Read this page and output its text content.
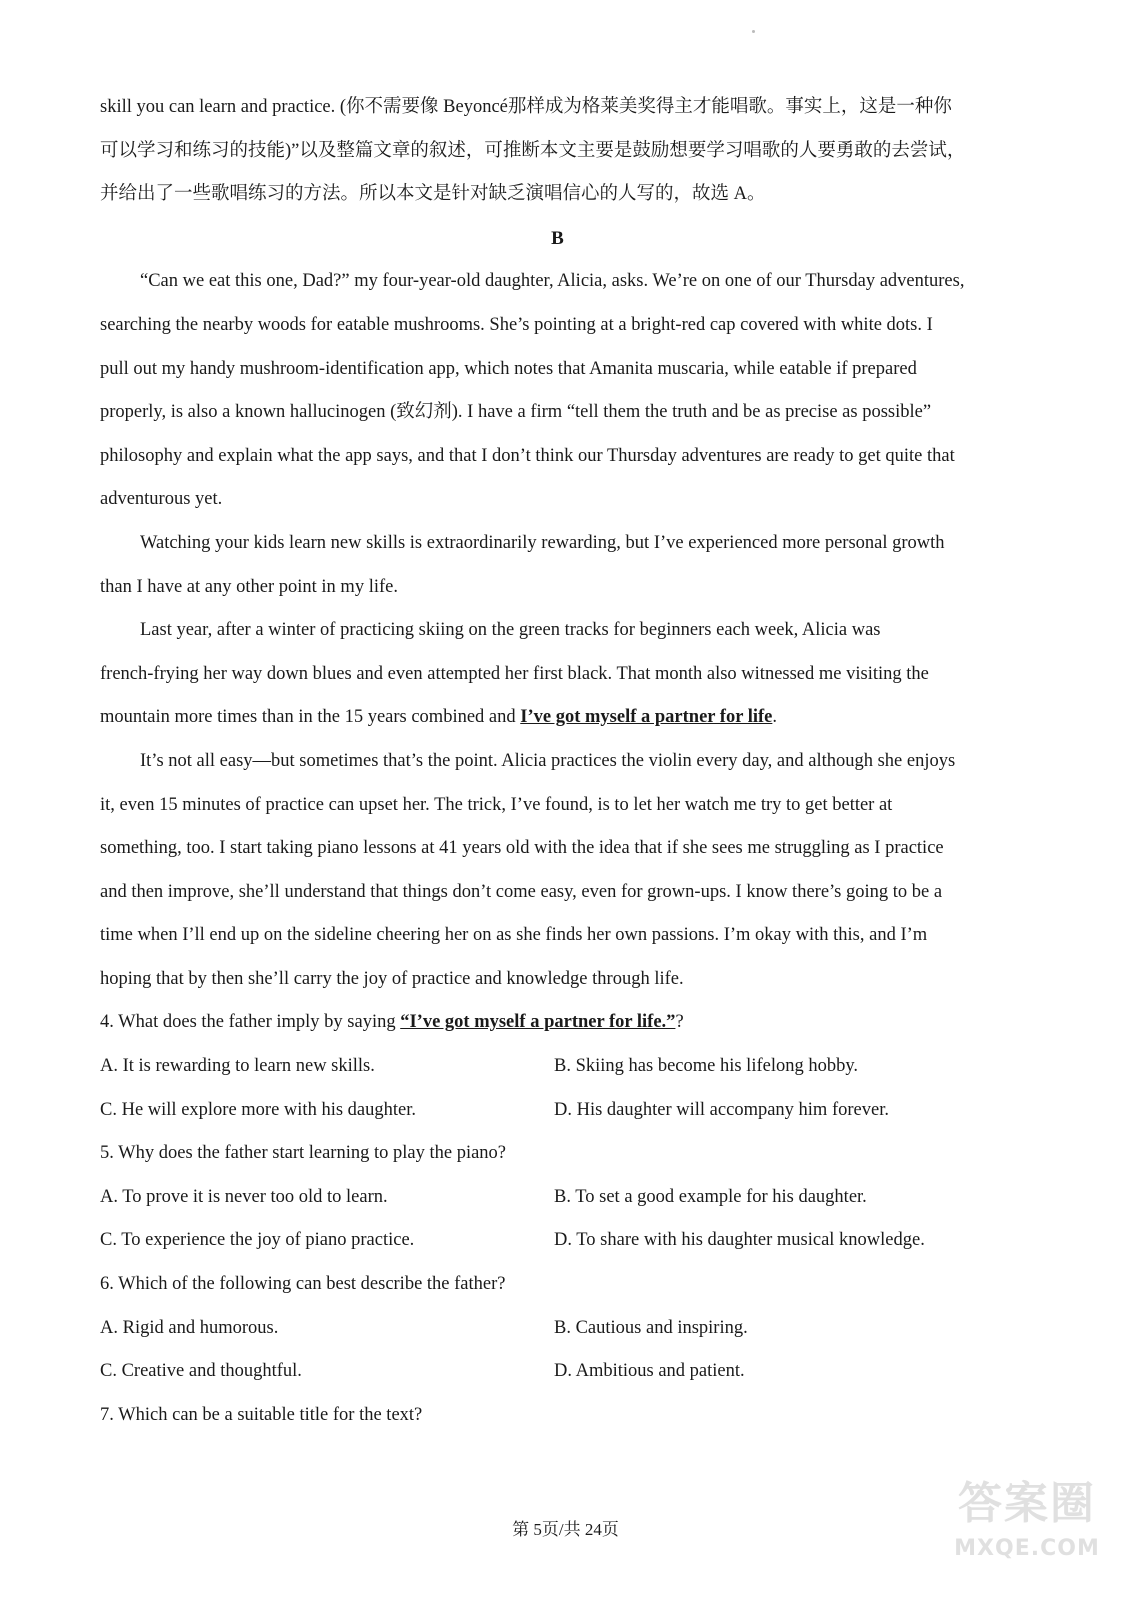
skill you can learn and practice. (你不需要像 Beyoncé那样成为格莱美奖得主才能唱歌。事实上，这是一种你
可以学习和练习的技能)”以及整篇文章的叙述，可推断本文主要是鼓励想要学习唱歌的人要勇敢的去尝试，
并给出了一些歌唱练习的方法。所以本文是针对缺乏演唱信心的人写的，故选 A。
B
“Can we eat this one, Dad?” my four-year-old daughter, Alicia, asks. We’re on one of our Thursday adventures,
searching the nearby woods for eatable mushrooms. She’s pointing at a bright-red cap covered with white dots. I
pull out my handy mushroom-identification app, which notes that Amanita muscaria, while eatable if prepared
properly, is also a known hallucinogen (致幻剂). I have a firm “tell them the truth and be as precise as possible”
philosophy and explain what the app says, and that I don’t think our Thursday adventures are ready to get quite that
adventurous yet.
Watching your kids learn new skills is extraordinarily rewarding, but I’ve experienced more personal growth
than I have at any other point in my life.
Last year, after a winter of practicing skiing on the green tracks for beginners each week, Alicia was
french-frying her way down blues and even attempted her first black. That month also witnessed me visiting the
mountain more times than in the 15 years combined and I’ve got myself a partner for life.
It’s not all easy—but sometimes that’s the point. Alicia practices the violin every day, and although she enjoys
it, even 15 minutes of practice can upset her. The trick, I’ve found, is to let her watch me try to get better at
something, too. I start taking piano lessons at 41 years old with the idea that if she sees me struggling as I practice
and then improve, she’ll understand that things don’t come easy, even for grown-ups. I know there’s going to be a
time when I’ll end up on the sideline cheering her on as she finds her own passions. I’m okay with this, and I’m
hoping that by then she’ll carry the joy of practice and knowledge through life.
4. What does the father imply by saying “I’ve got myself a partner for life.”?
A. It is rewarding to learn new skills.	B. Skiing has become his lifelong hobby.
C. He will explore more with his daughter.	D. His daughter will accompany him forever.
5. Why does the father start learning to play the piano?
A. To prove it is never too old to learn.	B. To set a good example for his daughter.
C. To experience the joy of piano practice.	D. To share with his daughter musical knowledge.
6. Which of the following can best describe the father?
A. Rigid and humorous.	B. Cautious and inspiring.
C. Creative and thoughtful.	D. Ambitious and patient.
7. Which can be a suitable title for the text?
第 5页/共 24页
答案圈
MXQE.COM
